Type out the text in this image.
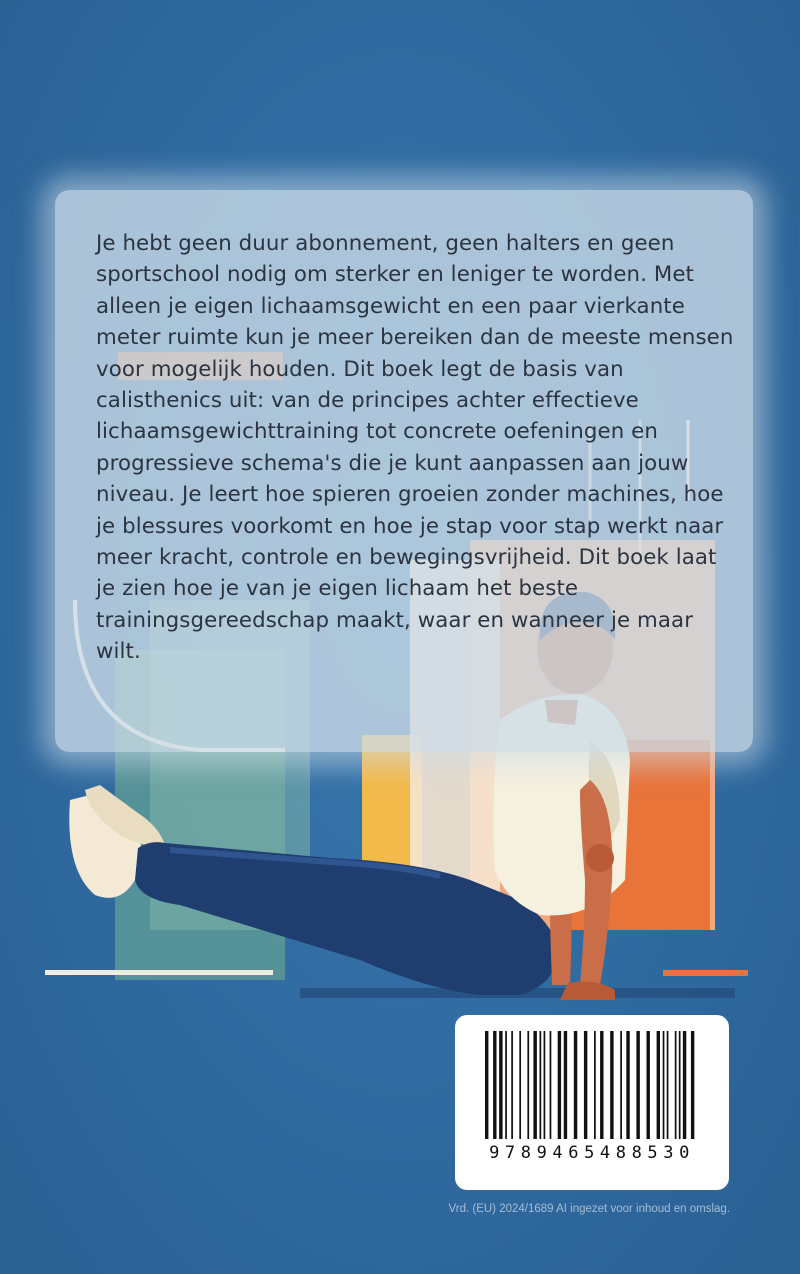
Je hebt geen duur abonnement, geen halters en geen sportschool nodig om sterker en leniger te worden. Met alleen je eigen lichaamsgewicht en een paar vierkante meter ruimte kun je meer bereiken dan de meeste mensen voor mogelijk houden. Dit boek legt de basis van calisthenics uit: van de principes achter effectieve lichaamsgewichttraining tot concrete oefeningen en progressieve schema's die je kunt aanpassen aan jouw niveau. Je leert hoe spieren groeien zonder machines, hoe je blessures voorkomt en hoe je stap voor stap werkt naar meer kracht, controle en bewegingsvrijheid. Dit boek laat je zien hoe je van je eigen lichaam het beste trainingsgereedschap maakt, waar en wanneer je maar wilt.

9789465488530
Vrd. (EU) 2024/1689 AI ingezet voor inhoud en omslag.
